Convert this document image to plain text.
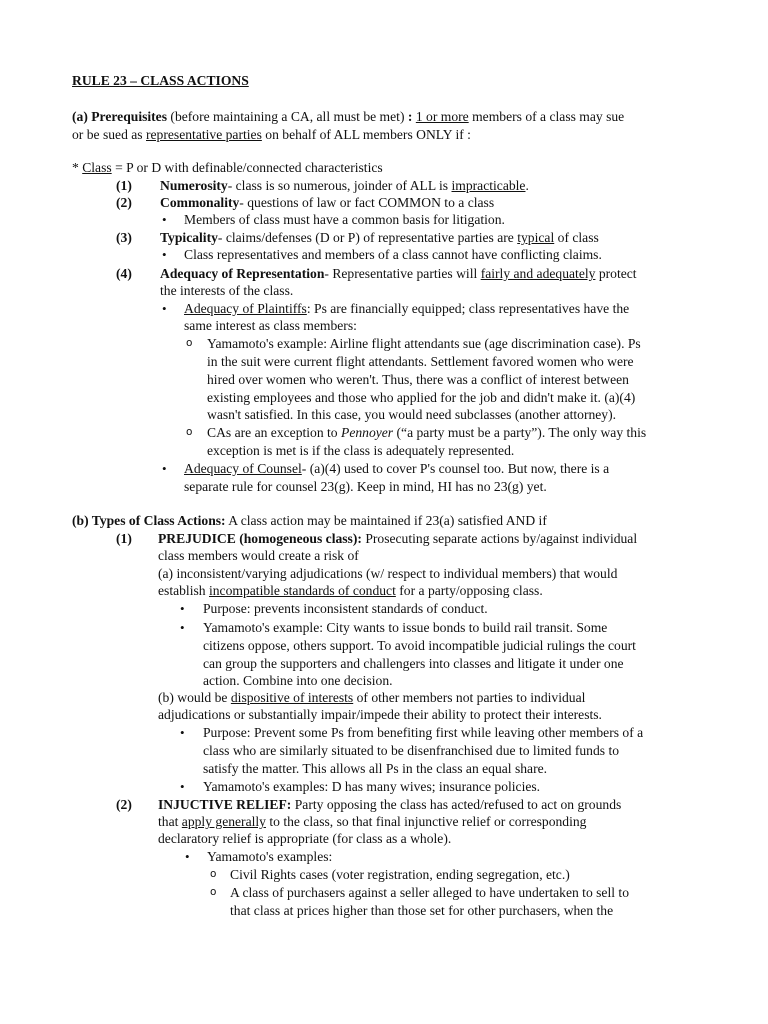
RULE 23 – CLASS ACTIONS
(a) Prerequisites (before maintaining a CA, all must be met) : 1 or more members of a class may sue
or be sued as representative parties on behalf of ALL members ONLY if :
* Class = P or D with definable/connected characteristics
(1) Numerosity- class is so numerous, joinder of ALL is impracticable.
(2) Commonality- questions of law or fact COMMON to a class
• Members of class must have a common basis for litigation.
(3) Typicality- claims/defenses (D or P) of representative parties are typical of class
• Class representatives and members of a class cannot have conflicting claims.
(4) Adequacy of Representation- Representative parties will fairly and adequately protect
the interests of the class.
• Adequacy of Plaintiffs: Ps are financially equipped; class representatives have the
same interest as class members:
o Yamamoto's example: Airline flight attendants sue (age discrimination case). Ps
in the suit were current flight attendants. Settlement favored women who were
hired over women who weren't. Thus, there was a conflict of interest between
existing employees and those who applied for the job and didn't make it. (a)(4)
wasn't satisfied. In this case, you would need subclasses (another attorney).
o CAs are an exception to Pennoyer (“a party must be a party”). The only way this
exception is met is if the class is adequately represented.
• Adequacy of Counsel- (a)(4) used to cover P's counsel too. But now, there is a
separate rule for counsel 23(g). Keep in mind, HI has no 23(g) yet.
(b) Types of Class Actions: A class action may be maintained if 23(a) satisfied AND if
(1) PREJUDICE (homogeneous class): Prosecuting separate actions by/against individual
class members would create a risk of
(a) inconsistent/varying adjudications (w/ respect to individual members) that would
establish incompatible standards of conduct for a party/opposing class.
• Purpose: prevents inconsistent standards of conduct.
• Yamamoto's example: City wants to issue bonds to build rail transit. Some
citizens oppose, others support. To avoid incompatible judicial rulings the court
can group the supporters and challengers into classes and litigate it under one
action. Combine into one decision.
(b) would be dispositive of interests of other members not parties to individual
adjudications or substantially impair/impede their ability to protect their interests.
• Purpose: Prevent some Ps from benefiting first while leaving other members of a
class who are similarly situated to be disenfranchised due to limited funds to
satisfy the matter. This allows all Ps in the class an equal share.
• Yamamoto's examples: D has many wives; insurance policies.
(2) INJUCTIVE RELIEF: Party opposing the class has acted/refused to act on grounds
that apply generally to the class, so that final injunctive relief or corresponding
declaratory relief is appropriate (for class as a whole).
• Yamamoto's examples:
o Civil Rights cases (voter registration, ending segregation, etc.)
o A class of purchasers against a seller alleged to have undertaken to sell to
that class at prices higher than those set for other purchasers, when the
